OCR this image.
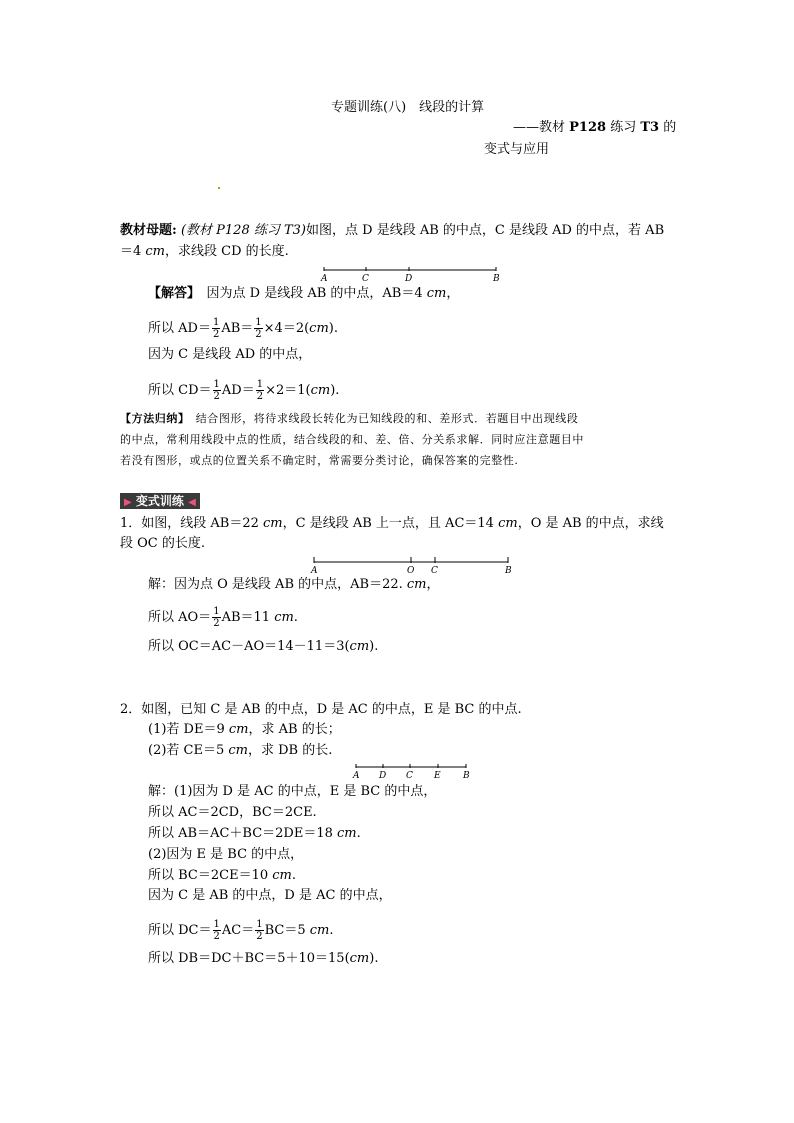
专题训练(八)　线段的计算
——教材 P128 练习 T3 的
变式与应用
教材母题: (教材 P128 练习 T3)如图，点 D 是线段 AB 的中点，C 是线段 AD 的中点，若 AB
＝4 cm，求线段 CD 的长度.
A	C	D	B
【解答】　因为点 D 是线段 AB 的中点，AB＝4 cm，
所以 $AD= \frac{1}{2} AB= \frac{1}{2} \times 4=2(cm)$.
因为 C 是线段 AD 的中点，
所以 $CD= \frac{1}{2} AD= \frac{1}{2} \times 2=1(cm)$.
【方法归纳】　结合图形，将待求线段长转化为已知线段的和、差形式．若题目中出现线段
的中点，常利用线段中点的性质，结合线段的和、差、倍、分关系求解．同时应注意题目中
若没有图形，或点的位置关系不确定时，常需要分类讨论，确保答案的完整性.
▶ 变式训练 ◀
1．如图，线段 AB＝22 cm，C 是线段 AB 上一点，且 AC＝14 cm，O 是 AB 的中点，求线
段 OC 的长度.
A	O C	B
解：因为点 O 是线段 AB 的中点，AB＝22. cm，
所以 $AO= \frac{1}{2} AB=11$ cm.
所以 OC＝AC－AO＝14－11＝3(cm).
2．如图，已知 C 是 AB 的中点，D 是 AC 的中点，E 是 BC 的中点.
(1)若 DE＝9 cm，求 AB 的长；
(2)若 CE＝5 cm，求 DB 的长.
A D C E B
解：(1)因为 D 是 AC 的中点，E 是 BC 的中点，
所以 AC＝2CD，BC＝2CE.
所以 AB＝AC＋BC＝2DE＝18 cm.
(2)因为 E 是 BC 的中点，
所以 BC＝2CE＝10 cm.
因为 C 是 AB 的中点，D 是 AC 的中点，
所以 $DC= \frac{1}{2} AC= \frac{1}{2} BC=5$ cm.
所以 DB＝DC＋BC＝5＋10＝15(cm).
